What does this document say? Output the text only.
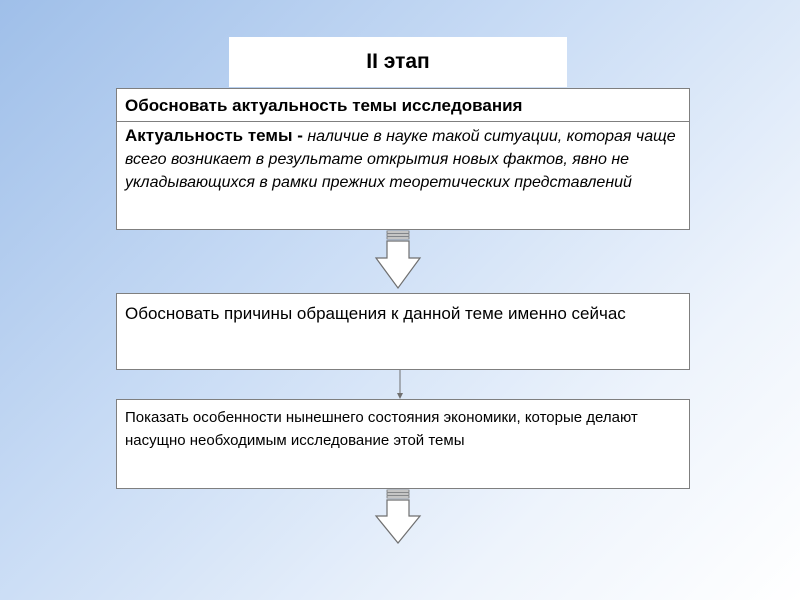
II этап
Обосновать актуальность темы исследования
Актуальность темы - наличие в науке такой ситуации, которая чаще всего возникает в результате открытия новых фактов, явно не укладывающихся в рамки прежних теоретических представлений
Обосновать причины обращения к данной теме именно сейчас
Показать особенности нынешнего состояния экономики, которые делают насущно необходимым исследование этой темы
